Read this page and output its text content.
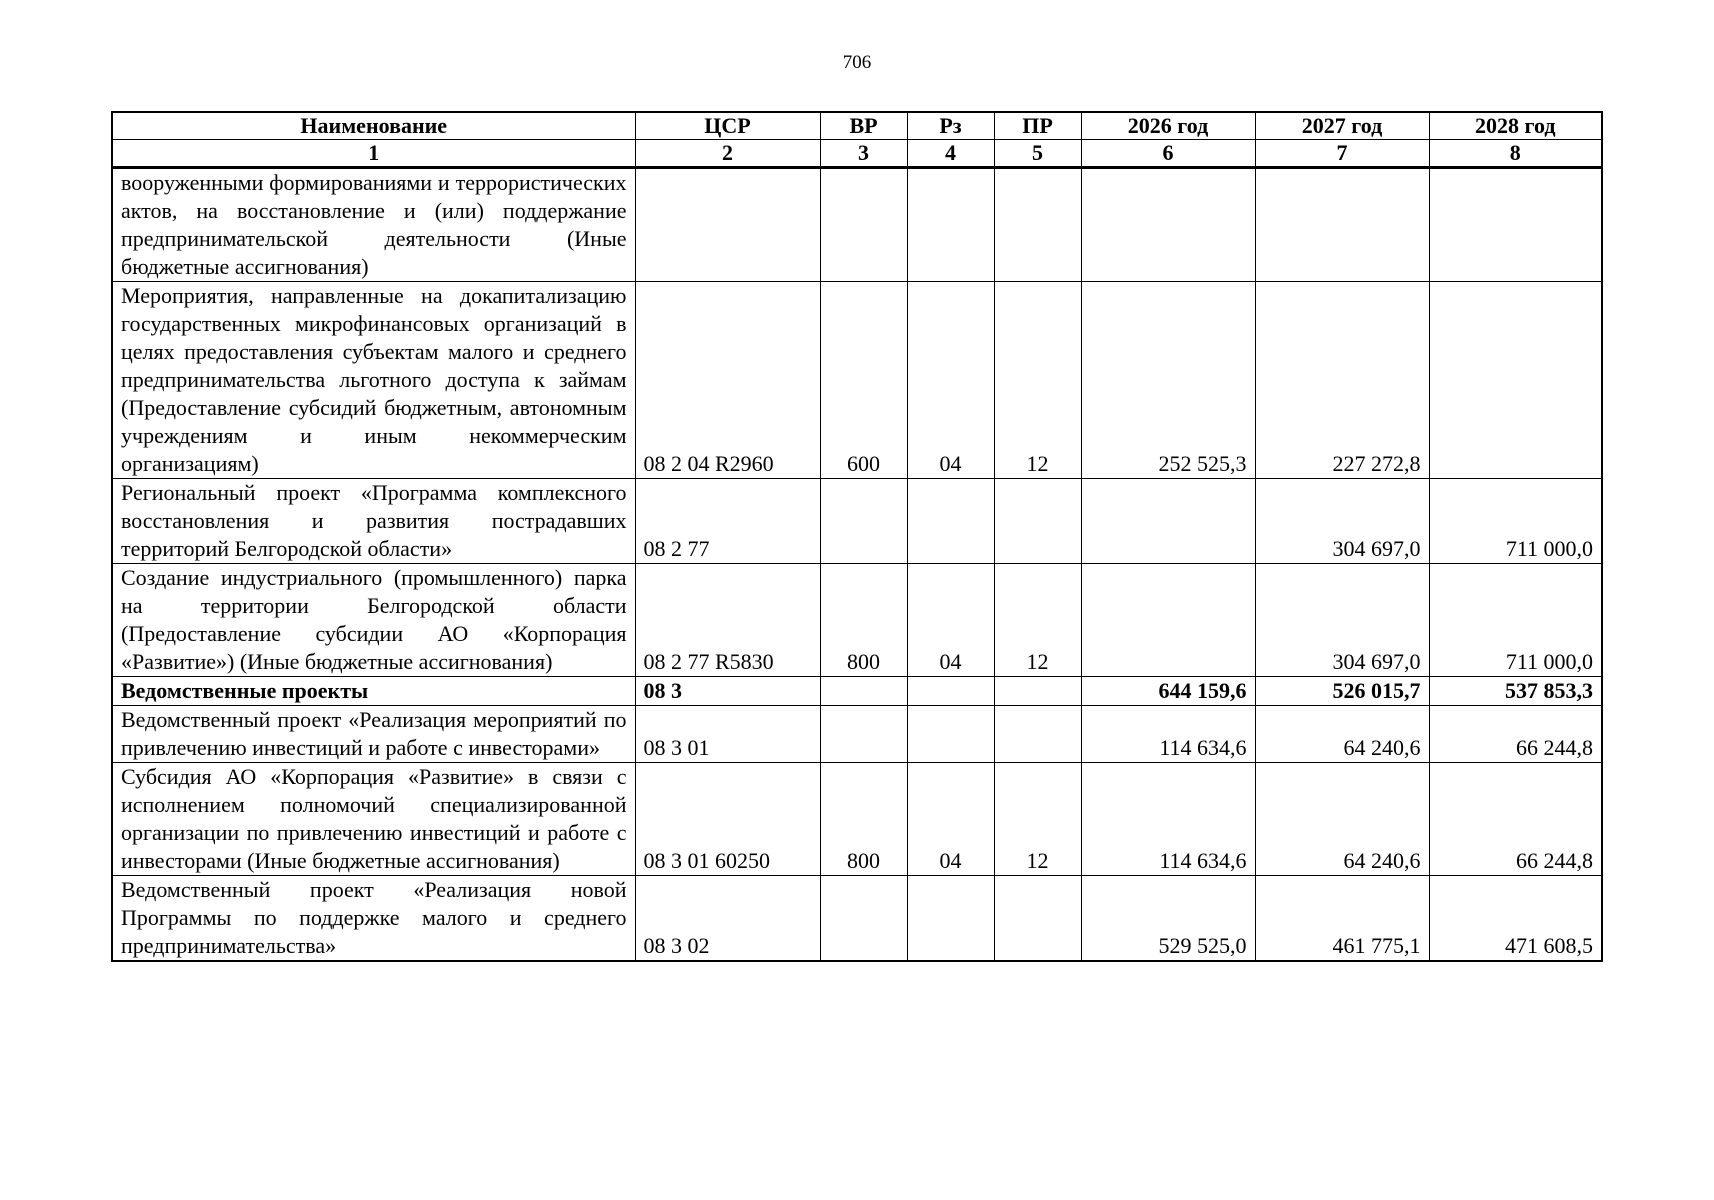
706
Наименование	ЦСР	ВР	Рз	ПР	2026 год	2027 год	2028 год
1	2	3	4	5	6	7	8
вооруженными формированиями и террористических актов, на восстановление и (или) поддержание предпринимательской деятельности (Иные бюджетные ассигнования)							
Мероприятия, направленные на докапитализацию государственных микрофинансовых организаций в целях предоставления субъектам малого и среднего предпринимательства льготного доступа к займам (Предоставление субсидий бюджетным, автономным учреждениям и иным некоммерческим организациям)	08 2 04 R2960	600	04	12	252 525,3	227 272,8	
Региональный проект «Программа комплексного восстановления и развития пострадавших территорий Белгородской области»	08 2 77					304 697,0	711 000,0
Создание индустриального (промышленного) парка на территории Белгородской области (Предоставление субсидии АО «Корпорация «Развитие») (Иные бюджетные ассигнования)	08 2 77 R5830	800	04	12		304 697,0	711 000,0
Ведомственные проекты	08 3				644 159,6	526 015,7	537 853,3
Ведомственный проект «Реализация мероприятий по привлечению инвестиций и работе с инвесторами»	08 3 01				114 634,6	64 240,6	66 244,8
Субсидия АО «Корпорация «Развитие» в связи с исполнением полномочий специализированной организации по привлечению инвестиций и работе с инвесторами (Иные бюджетные ассигнования)	08 3 01 60250	800	04	12	114 634,6	64 240,6	66 244,8
Ведомственный проект «Реализация новой Программы по поддержке малого и среднего предпринимательства»	08 3 02				529 525,0	461 775,1	471 608,5
